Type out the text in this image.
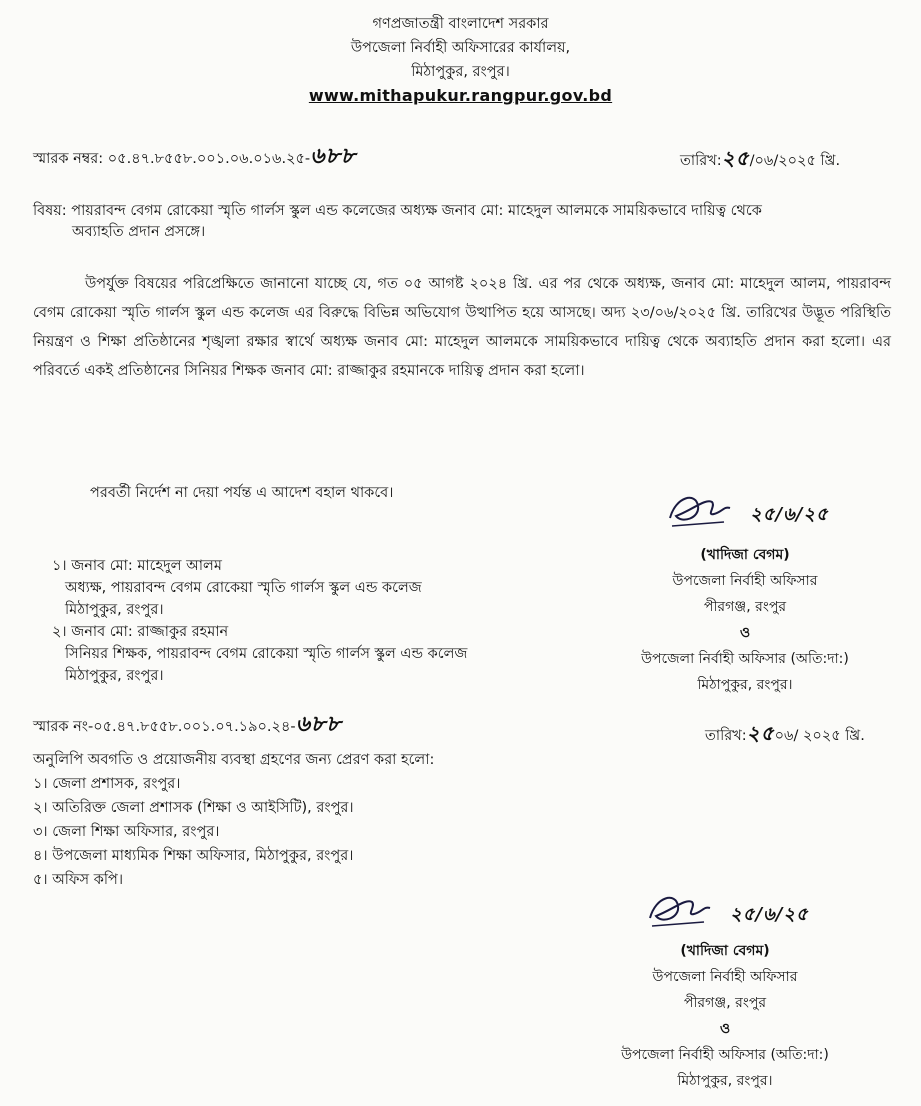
গণপ্রজাতন্ত্রী বাংলাদেশ সরকার
উপজেলা নির্বাহী অফিসারের কার্যালয়,
মিঠাপুকুর, রংপুর।
www.mithapukur.rangpur.gov.bd
স্মারক নম্বর: ০৫.৪৭.৮৫৫৮.০০১.০৬.০১৬.২৫-৬৮৮	তারিখ:২৫/০৬/২০২৫ খ্রি.
বিষয়: পায়রাবন্দ বেগম রোকেয়া স্মৃতি গার্লস স্কুল এন্ড কলেজের অধ্যক্ষ জনাব মো: মাহেদুল আলমকে সাময়িকভাবে দায়িত্ব থেকে
অব্যাহতি প্রদান প্রসঙ্গে।
উপর্যুক্ত বিষয়ের পরিপ্রেক্ষিতে জানানো যাচ্ছে যে, গত ০৫ আগষ্ট ২০২৪ খ্রি. এর পর থেকে অধ্যক্ষ, জনাব মো: মাহেদুল আলম, পায়রাবন্দ বেগম রোকেয়া স্মৃতি গার্লস স্কুল এন্ড কলেজ এর বিরুদ্ধে বিভিন্ন অভিযোগ উত্থাপিত হয়ে আসছে। অদ্য ২৩/০৬/২০২৫ খ্রি. তারিখের উদ্ভূত পরিস্থিতি নিয়ন্ত্রণ ও শিক্ষা প্রতিষ্ঠানের শৃঙ্খলা রক্ষার স্বার্থে অধ্যক্ষ জনাব মো: মাহেদুল আলমকে সাময়িকভাবে দায়িত্ব থেকে অব্যাহতি প্রদান করা হলো। এর পরিবর্তে একই প্রতিষ্ঠানের সিনিয়র শিক্ষক জনাব মো: রাজ্জাকুর রহমানকে দায়িত্ব প্রদান করা হলো।
পরবর্তী নির্দেশ না দেয়া পর্যন্ত এ আদেশ বহাল থাকবে।
১। জনাব মো: মাহেদুল আলম
অধ্যক্ষ, পায়রাবন্দ বেগম রোকেয়া স্মৃতি গার্লস স্কুল এন্ড কলেজ
মিঠাপুকুর, রংপুর।
২। জনাব মো: রাজ্জাকুর রহমান
সিনিয়র শিক্ষক, পায়রাবন্দ বেগম রোকেয়া স্মৃতি গার্লস স্কুল এন্ড কলেজ
মিঠাপুকুর, রংপুর।
২৫/৬/২৫
(খাদিজা বেগম)
উপজেলা নির্বাহী অফিসার
পীরগঞ্জ, রংপুর
ও
উপজেলা নির্বাহী অফিসার (অতি:দা:)
মিঠাপুকুর, রংপুর।
স্মারক নং-০৫.৪৭.৮৫৫৮.০০১.০৭.১৯০.২৪-৬৮৮	তারিখ:২৫০৬/ ২০২৫ খ্রি.
অনুলিপি অবগতি ও প্রয়োজনীয় ব্যবস্থা গ্রহণের জন্য প্রেরণ করা হলো:
১। জেলা প্রশাসক, রংপুর।
২। অতিরিক্ত জেলা প্রশাসক (শিক্ষা ও আইসিটি), রংপুর।
৩। জেলা শিক্ষা অফিসার, রংপুর।
৪। উপজেলা মাধ্যমিক শিক্ষা অফিসার, মিঠাপুকুর, রংপুর।
৫। অফিস কপি।
২৫/৬/২৫
(খাদিজা বেগম)
উপজেলা নির্বাহী অফিসার
পীরগঞ্জ, রংপুর
ও
উপজেলা নির্বাহী অফিসার (অতি:দা:)
মিঠাপুকুর, রংপুর।
